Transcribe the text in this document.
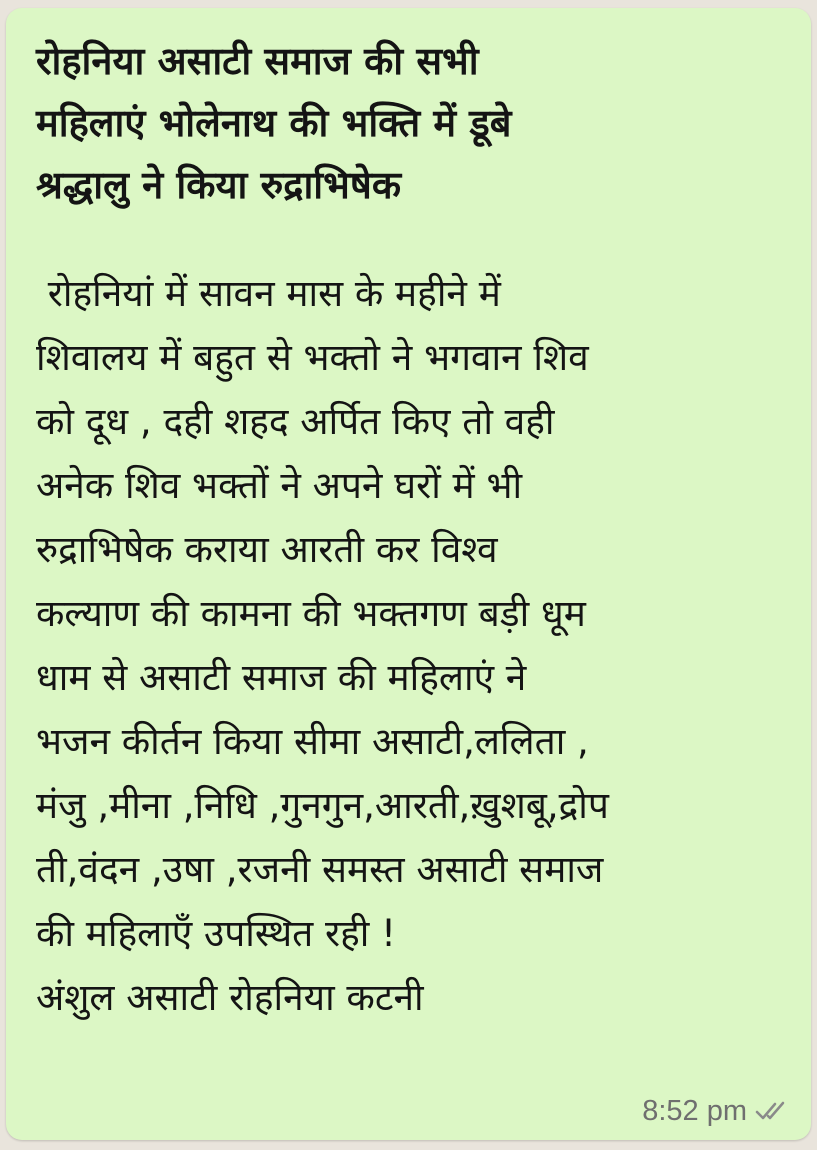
रोहनिया असाटी समाज की सभी
महिलाएं भोलेनाथ की भक्ति में डूबे
श्रद्धालु ने किया रुद्राभिषेक

रोहनियां में सावन मास के महीने में
शिवालय में बहुत से भक्तो ने भगवान शिव
को दूध , दही शहद अर्पित किए तो वही
अनेक शिव भक्तों ने अपने घरों में भी
रुद्राभिषेक कराया आरती कर विश्व
कल्याण की कामना की भक्तगण बड़ी धूम
धाम से असाटी समाज की महिलाएं ने
भजन कीर्तन किया सीमा असाटी,ललिता ,
मंजु ,मीना ,निधि ,गुनगुन,आरती,ख़ुशबू,द्रोप
ती,वंदन ,उषा ,रजनी समस्त असाटी समाज
की महिलाएँ उपस्थित रही !
अंशुल असाटी रोहनिया कटनी

8:52 pm
